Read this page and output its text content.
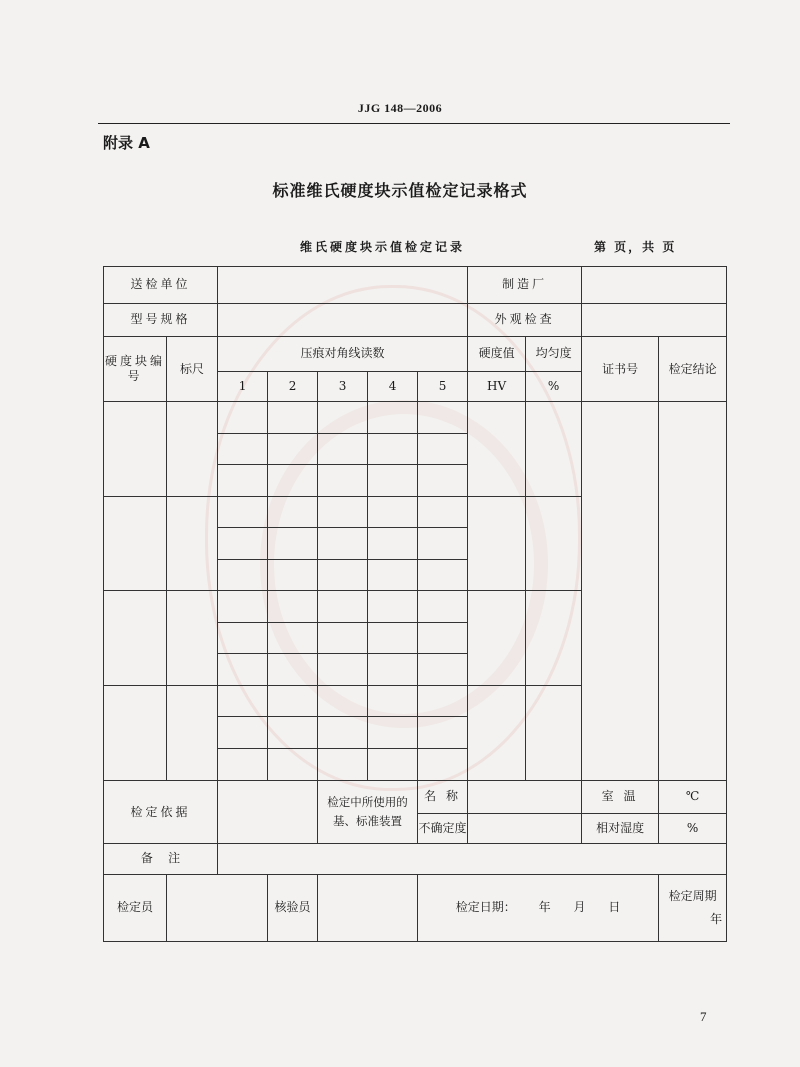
JJG 148—2006
附录 A
标准维氏硬度块示值检定记录格式
维氏硬度块示值检定记录	第 页，共 页
送检单位							制造厂			
型号规格							外观检查			
硬度块编号	标尺	压痕对角线读数					硬度值	均匀度	证书号	检定结论
		1	2	3	4	5	HV	%		

检定依据				检定中所使用的基、标准装置		名 称			室 温	℃
						不确定度			相对湿度	%
备    注										
检定员			核验员			检定日期：      年      月      日				检定周期
年
7
